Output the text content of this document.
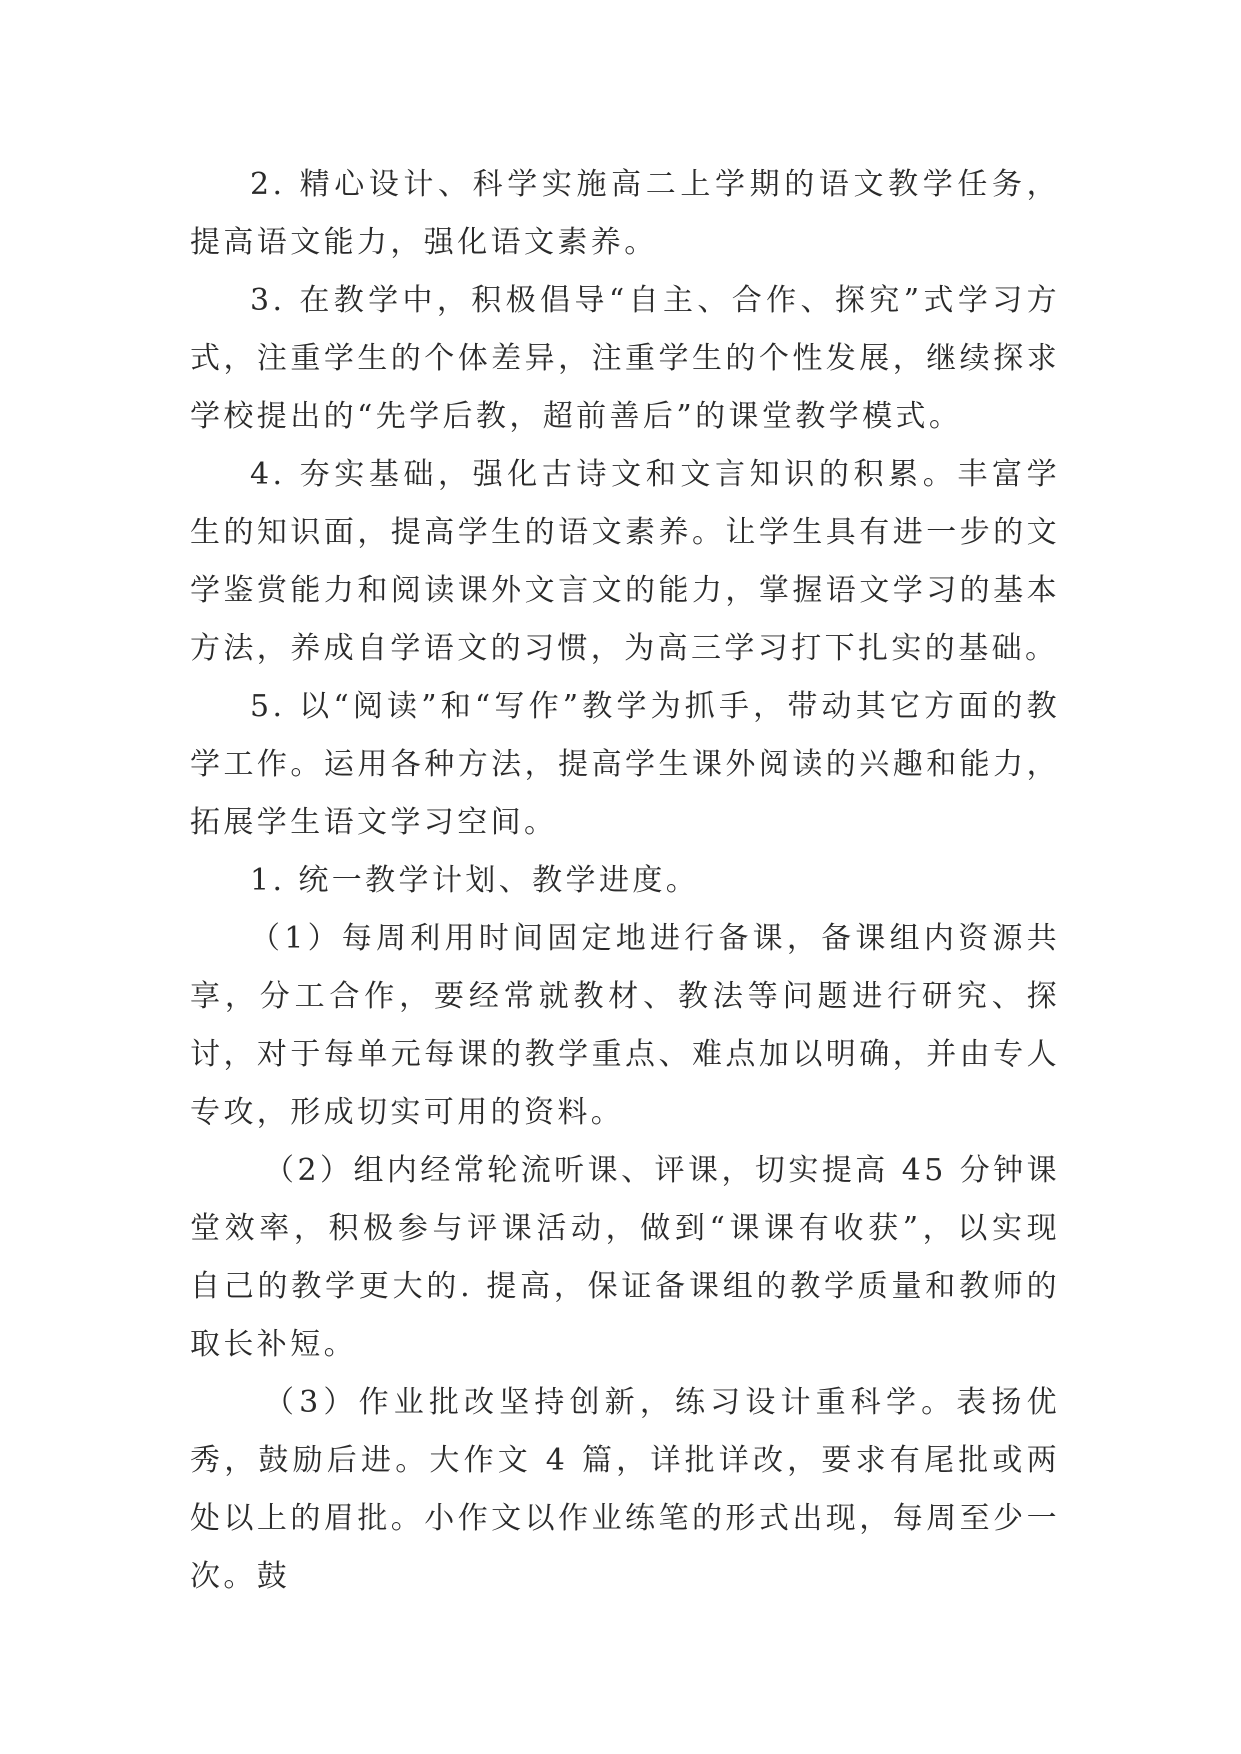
2. 精心设计、科学实施高二上学期的语文教学任务，提高语文能力，强化语文素养。

3. 在教学中，积极倡导“自主、合作、探究”式学习方式，注重学生的个体差异，注重学生的个性发展，继续探求学校提出的“先学后教，超前善后”的课堂教学模式。

4. 夯实基础，强化古诗文和文言知识的积累。丰富学生的知识面，提高学生的语文素养。让学生具有进一步的文学鉴赏能力和阅读课外文言文的能力，掌握语文学习的基本方法，养成自学语文的习惯，为高三学习打下扎实的基础。

5. 以“阅读”和“写作”教学为抓手，带动其它方面的教学工作。运用各种方法，提高学生课外阅读的兴趣和能力，拓展学生语文学习空间。

1. 统一教学计划、教学进度。

（1）每周利用时间固定地进行备课，备课组内资源共享，分工合作，要经常就教材、教法等问题进行研究、探讨，对于每单元每课的教学重点、难点加以明确，并由专人专攻，形成切实可用的资料。

（2）组内经常轮流听课、评课，切实提高 45 分钟课堂效率，积极参与评课活动，做到“课课有收获”，以实现自己的教学更大的. 提高，保证备课组的教学质量和教师的取长补短。

（3）作业批改坚持创新，练习设计重科学。表扬优秀，鼓励后进。大作文 4 篇，详批详改，要求有尾批或两处以上的眉批。小作文以作业练笔的形式出现，每周至少一次。鼓
